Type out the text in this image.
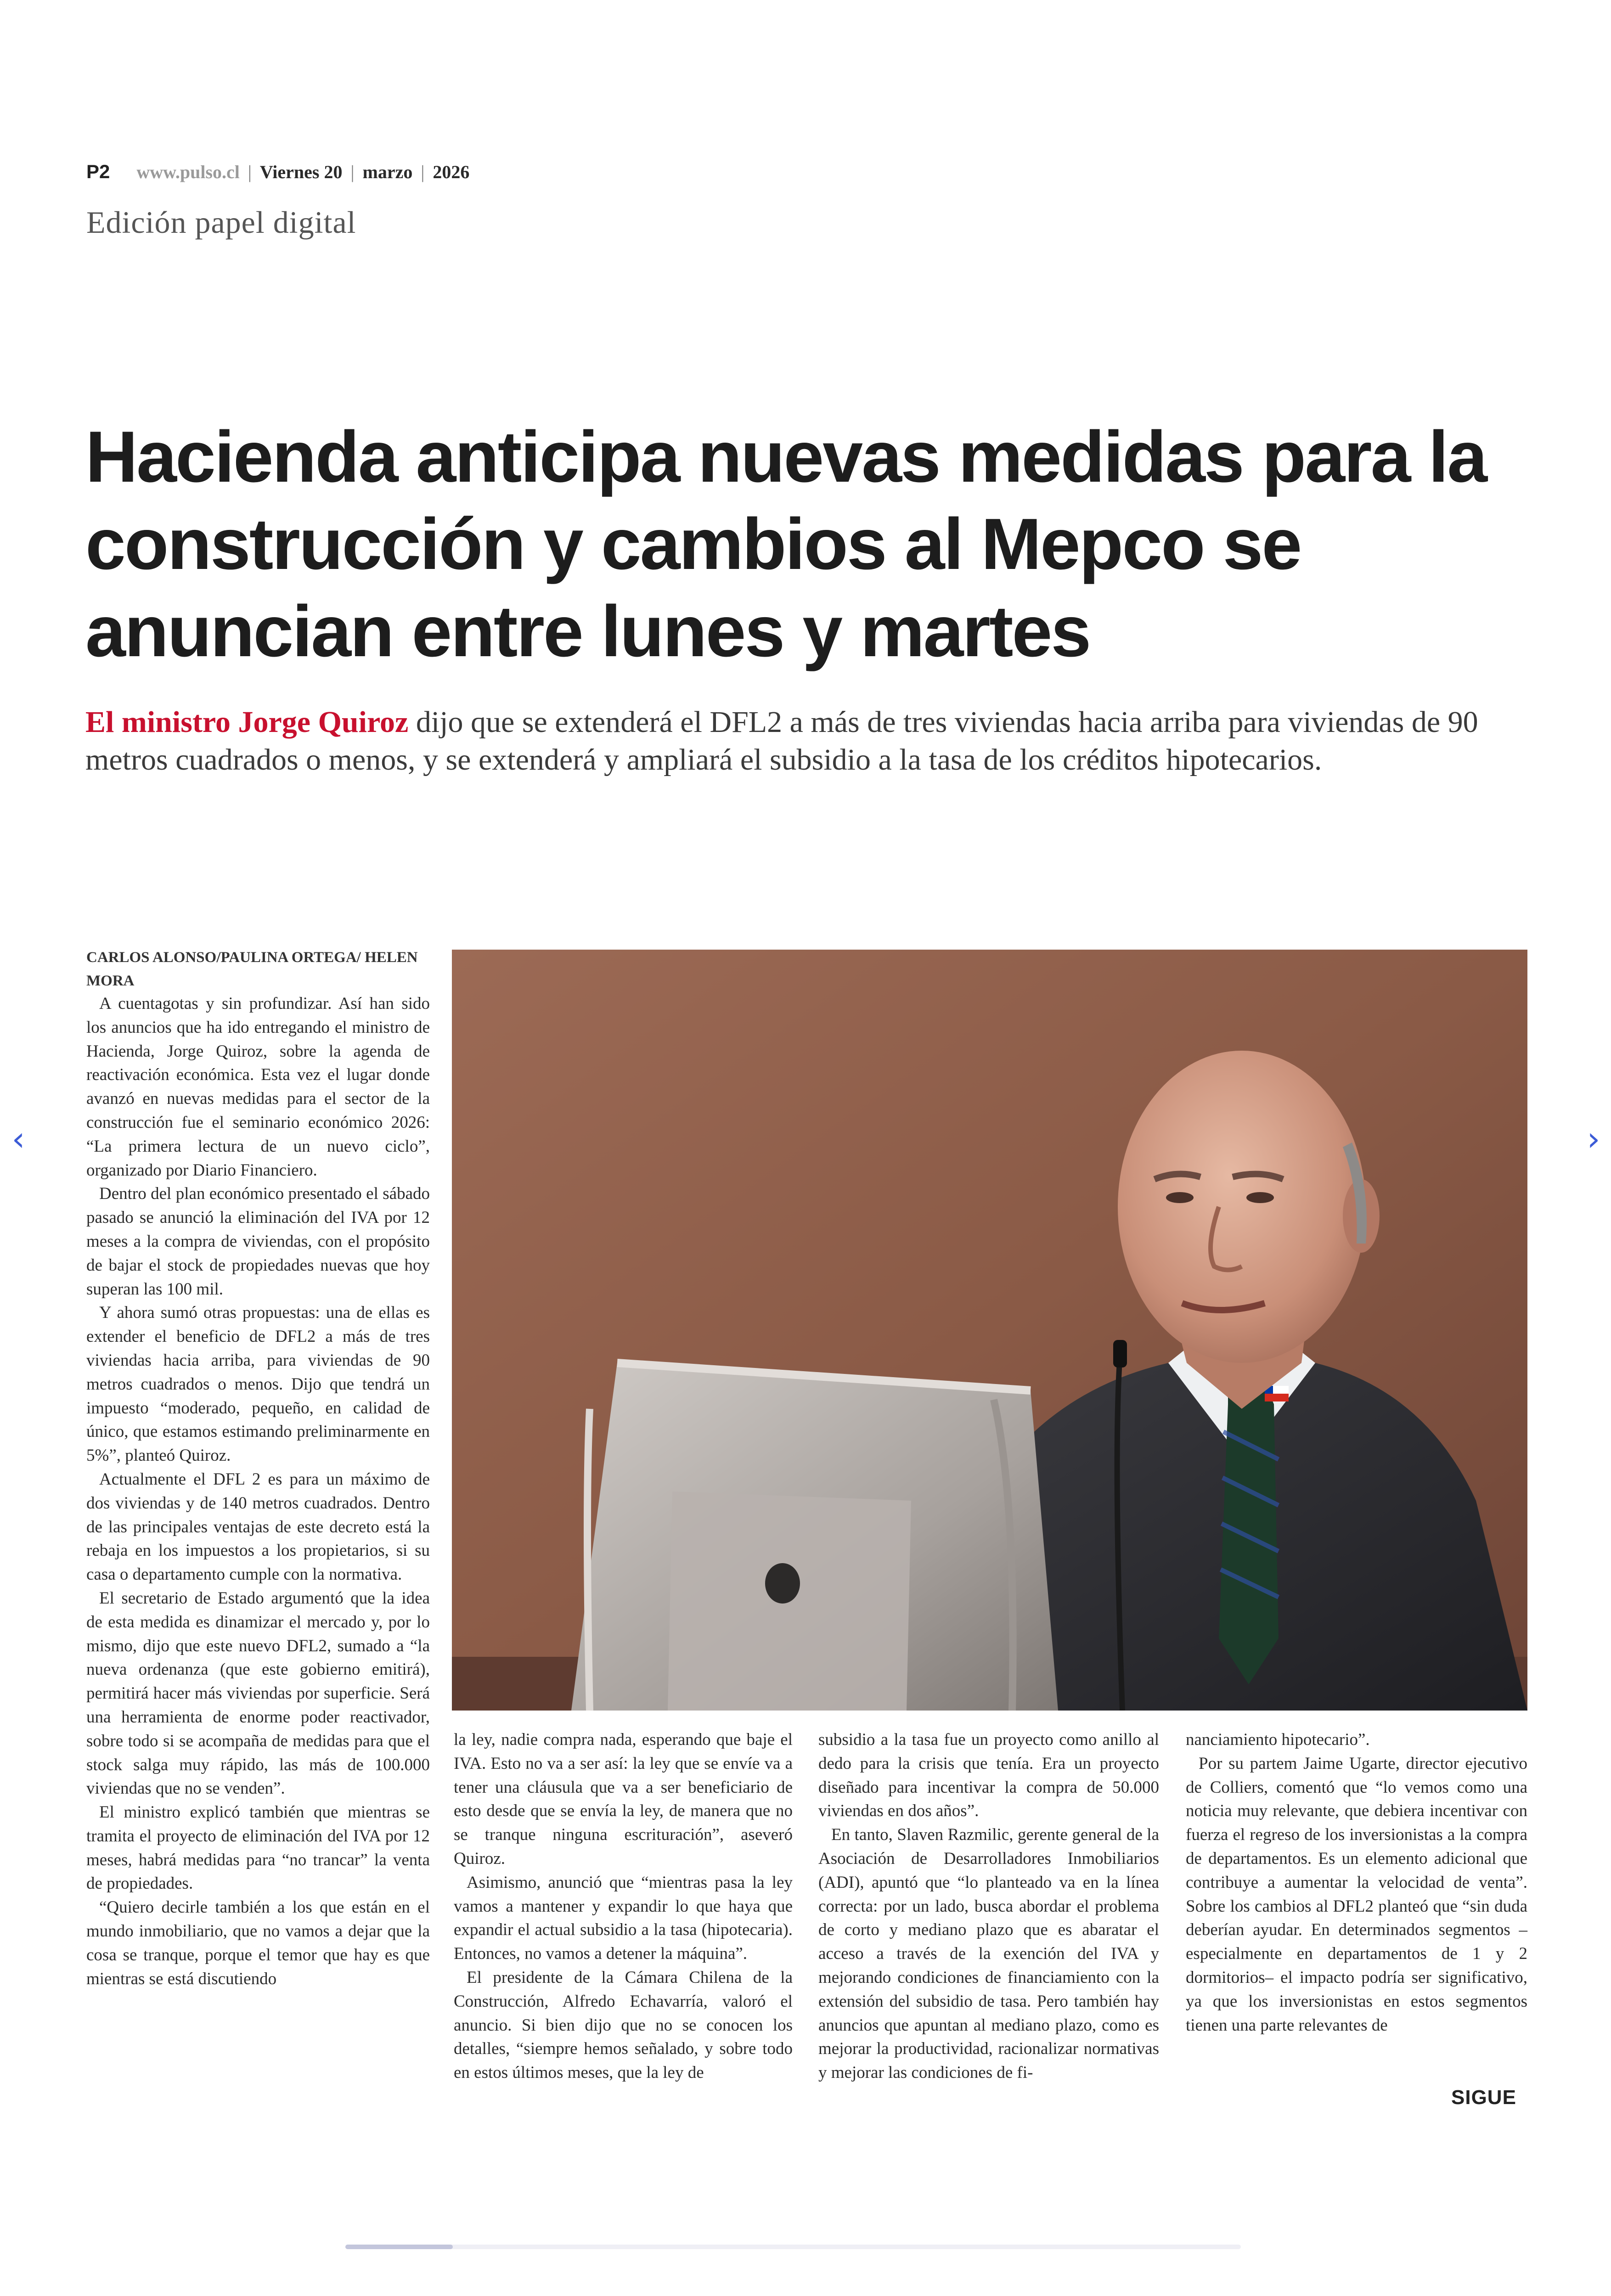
P2 www.pulso.cl | Viernes 20 | marzo | 2026
Edición papel digital
Hacienda anticipa nuevas medidas para la construcción y cambios al Mepco se anuncian entre lunes y martes

El ministro Jorge Quiroz dijo que se extenderá el DFL2 a más de tres viviendas hacia arriba para viviendas de 90 metros cuadrados o menos, y se extenderá y ampliará el subsidio a la tasa de los créditos hipotecarios.

‹	›
CARLOS ALONSO/PAULINA ORTEGA/ HELEN MORA

A cuentagotas y sin profundizar. Así han sido los anuncios que ha ido entregando el ministro de Hacienda, Jorge Quiroz, sobre la agenda de reactivación económica. Esta vez el lugar donde avanzó en nuevas medidas para el sector de la construcción fue el seminario económico 2026: “La primera lectura de un nuevo ciclo”, organizado por Diario Financiero.

Dentro del plan económico presentado el sábado pasado se anunció la eliminación del IVA por 12 meses a la compra de viviendas, con el propósito de bajar el stock de propiedades nuevas que hoy superan las 100 mil.

Y ahora sumó otras propuestas: una de ellas es extender el beneficio de DFL2 a más de tres viviendas hacia arriba, para viviendas de 90 metros cuadrados o menos. Dijo que tendrá un impuesto “moderado, pequeño, en calidad de único, que estamos estimando preliminarmente en 5%”, planteó Quiroz.

Actualmente el DFL 2 es para un máximo de dos viviendas y de 140 metros cuadrados. Dentro de las principales ventajas de este decreto está la rebaja en los impuestos a los propietarios, si su casa o departamento cumple con la normativa.

El secretario de Estado argumentó que la idea de esta medida es dinamizar el mercado y, por lo mismo, dijo que este nuevo DFL2, sumado a “la nueva ordenanza (que este gobierno emitirá), permitirá hacer más viviendas por superficie. Será una herramienta de enorme poder reactivador, sobre todo si se acompaña de medidas para que el stock salga muy rápido, las más de 100.000 viviendas que no se venden”.

El ministro explicó también que mientras se tramita el proyecto de eliminación del IVA por 12 meses, habrá medidas para “no trancar” la venta de propiedades.

“Quiero decirle también a los que están en el mundo inmobiliario, que no vamos a dejar que la cosa se tranque, porque el temor que hay es que mientras se está discutiendo

la ley, nadie compra nada, esperando que baje el IVA. Esto no va a ser así: la ley que se envíe va a tener una cláusula que va a ser beneficiario de esto desde que se envía la ley, de manera que no se tranque ninguna escrituración”, aseveró Quiroz.

Asimismo, anunció que “mientras pasa la ley vamos a mantener y expandir lo que haya que expandir el actual subsidio a la tasa (hipotecaria). Entonces, no vamos a detener la máquina”.

El presidente de la Cámara Chilena de la Construcción, Alfredo Echavarría, valoró el anuncio. Si bien dijo que no se conocen los detalles, “siempre hemos señalado, y sobre todo en estos últimos meses, que la ley de

subsidio a la tasa fue un proyecto como anillo al dedo para la crisis que tenía. Era un proyecto diseñado para incentivar la compra de 50.000 viviendas en dos años”.

En tanto, Slaven Razmilic, gerente general de la Asociación de Desarrolladores Inmobiliarios (ADI), apuntó que “lo planteado va en la línea correcta: por un lado, busca abordar el problema de corto y mediano plazo que es abaratar el acceso a través de la exención del IVA y mejorando condiciones de financiamiento con la extensión del subsidio de tasa. Pero también hay anuncios que apuntan al mediano plazo, como es mejorar la productividad, racionalizar normativas y mejorar las condiciones de fi-

nanciamiento hipotecario”.

Por su partem Jaime Ugarte, director ejecutivo de Colliers, comentó que “lo vemos como una noticia muy relevante, que debiera incentivar con fuerza el regreso de los inversionistas a la compra de departamentos. Es un elemento adicional que contribuye a aumentar la velocidad de venta”. Sobre los cambios al DFL2 planteó que “sin duda deberían ayudar. En determinados segmentos –especialmente en departamentos de 1 y 2 dormitorios– el impacto podría ser significativo, ya que los inversionistas en estos segmentos tienen una parte relevantes de

SIGUE
